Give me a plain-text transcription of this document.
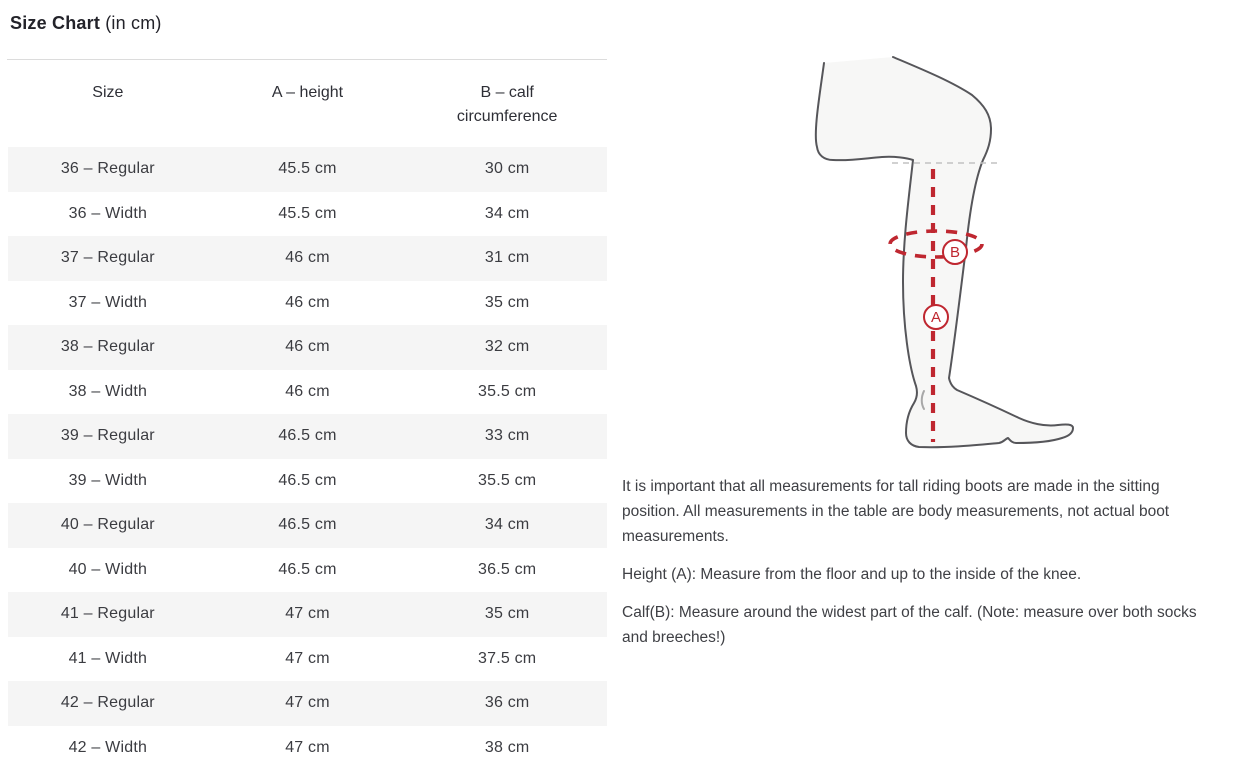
Size Chart (in cm)
Size	A – height	B – calf circumference
36 – Regular	45.5 cm	30 cm
36 – Width	45.5 cm	34 cm
37 – Regular	46 cm	31 cm
37 – Width	46 cm	35 cm
38 – Regular	46 cm	32 cm
38 – Width	46 cm	35.5 cm
39 – Regular	46.5 cm	33 cm
39 – Width	46.5 cm	35.5 cm
40 – Regular	46.5 cm	34 cm
40 – Width	46.5 cm	36.5 cm
41 – Regular	47 cm	35 cm
41 – Width	47 cm	37.5 cm
42 – Regular	47 cm	36 cm
42 – Width	47 cm	38 cm
B
A

It is important that all measurements for tall riding boots are made in the sitting position. All measurements in the table are body measurements, not actual boot measurements.

Height (A): Measure from the floor and up to the inside of the knee.

Calf(B): Measure around the widest part of the calf. (Note: measure over both socks and breeches!)
